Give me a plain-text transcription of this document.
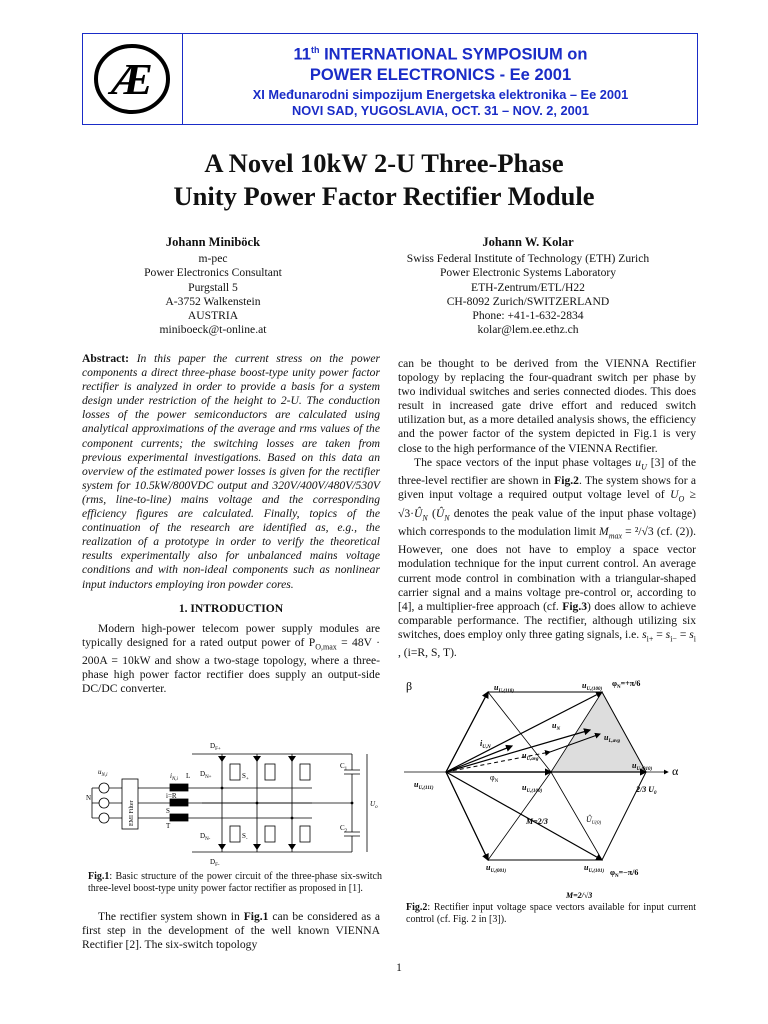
Æ
11th INTERNATIONAL SYMPOSIUM on
POWER ELECTRONICS - Ee 2001
XI Međunarodni simpozijum Energetska elektronika – Ee 2001
NOVI SAD, YUGOSLAVIA, OCT. 31 – NOV. 2, 2001
A Novel 10kW 2-U Three-Phase
Unity Power Factor Rectifier Module
Johann Miniböck
m-pec
Power Electronics Consultant
Purgstall 5
A-3752 Walkenstein
AUSTRIA
miniboeck@t-online.at
Johann W. Kolar
Swiss Federal Institute of Technology (ETH) Zurich
Power Electronic Systems Laboratory
ETH-Zentrum/ETL/H22
CH-8092 Zurich/SWITZERLAND
Phone: +41-1-632-2834
kolar@lem.ee.ethz.ch

Abstract: In this paper the current stress on the power components a direct three-phase boost-type unity power factor rectifier is analyzed in order to provide a basis for a system design under restriction of the height to 2-U. The conduction losses of the power semiconductors are calculated using analytical approximations of the average and rms values of the component currents; the switching losses are taken from previous experimental investigations. Based on this data an overview of the estimated power losses is given for the rectifier system for 10.5kW/800VDC output and 320V/400V/480V/530V (rms, line-to-line) mains voltage and the corresponding efficiency figures are calculated. Finally, topics of the continuation of the research are identified as, e.g., the realization of a prototype in order to verify the theoretical results experimentally also for unbalanced mains voltage conditions and with non-ideal components such as nonlinear input inductors employing iron powder cores.

1. INTRODUCTION

Modern high-power telecom power supply modules are typically designed for a rated output power of $P_{O,max} = 48V \cdot 200A = 10kW$ and show a two-stage topology, where a three-phase high power factor rectifier does supply an output-side DC/DC converter.

$D_{F+}$
$D_{N+}$	$S_+$
$D_{N-}$	$S_-$
$D_{F-}$
$C_1$
$C_2$
$U_o$
$u_{N,i}$	$i_{N,i}$ L
i=R
S
T
N
EMI Filter
Fig.1: Basic structure of the power circuit of the three-phase six-switch three-level boost-type unity power factor rectifier as proposed in [1].

The rectifier system shown in Fig.1 can be considered as a first step in the development of the well known VIENNA Rectifier [2]. The six-switch topology

can be thought to be derived from the VIENNA Rectifier topology by replacing the four-quadrant switch per phase by two individual switches and series connected diodes. This does result in increased gate drive effort and reduced switch utilization but, as a more detailed analysis shows, the efficiency and the power factor of the system depicted in Fig.1 is very close to the high performance of the VIENNA Rectifier.

The space vectors of the input phase voltages $u_U$ [3] of the three-level rectifier are shown in Fig.2. The system shows for a given input voltage a required output voltage level of $U_O$ ≥ $√3\cdot Û_N$ ($Û_N$ denotes the peak value of the input phase voltage) which corresponds to the modulation limit $M_{max} = ^2/√3$ (cf. (2)). However, one does not have to employ a space vector modulation technique for the input current control. An average current mode control in combination with a triangular-shaped carrier signal and a mains voltage pre-control or, according to [4], a multiplier-free approach (cf. Fig.3) does allow to achieve comparable performance. The rectifier, although utilizing six switches, does employ only three gating signals, i.e. $s_{i+} = s_{i-} = s_i$ , (i=R, S, T).

β
α
$u_{U,(110)}$
$u_{U,(100)}$
$u_{U,(010)}$
$u_{U,(111)}$
$u_N$
$u_{L,avg}$
$u_{U,avg}$
$u_{U,(100)}$
$u_{U,(001)}$	$u_{U,(101)}$
$i_{U,N}$
$\varphi_N$
$\varphi_N=+\pi/6$
$\varphi_N=-\pi/6$
M=2/3
M=2/√3
2/3 $U_0$
$Û_{U(0)}$
Fig.2: Rectifier input voltage space vectors available for input current control (cf. Fig. 2 in [3]).
1
